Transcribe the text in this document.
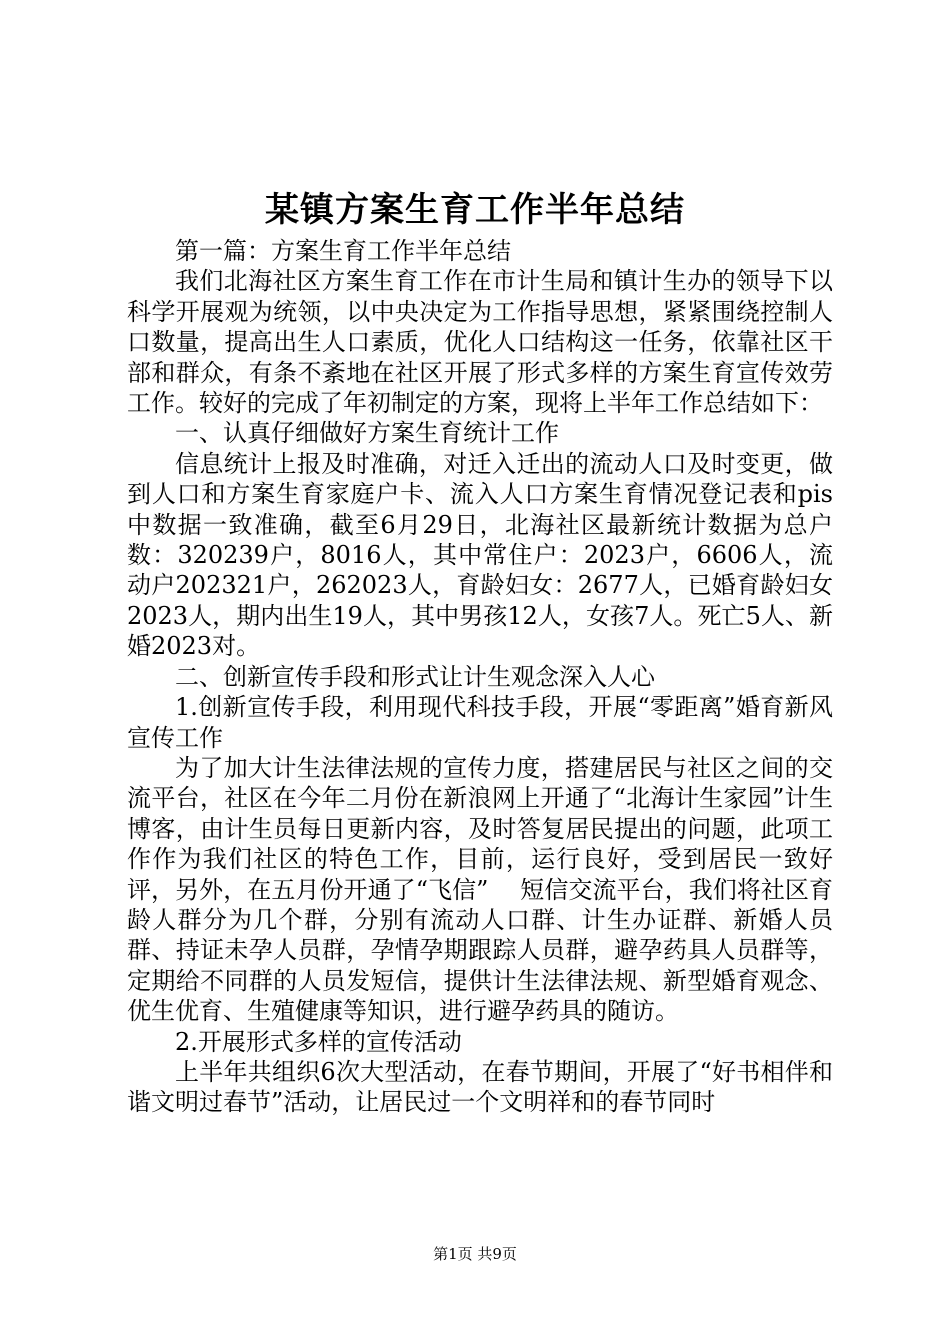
某镇方案生育工作半年总结

第一篇：方案生育工作半年总结

我们北海社区方案生育工作在市计生局和镇计生办的领导下以科学开展观为统领，以中央决定为工作指导思想，紧紧围绕控制人口数量，提高出生人口素质，优化人口结构这一任务，依靠社区干部和群众，有条不紊地在社区开展了形式多样的方案生育宣传效劳工作。较好的完成了年初制定的方案，现将上半年工作总结如下：

一、认真仔细做好方案生育统计工作

信息统计上报及时准确，对迁入迁出的流动人口及时变更，做到人口和方案生育家庭户卡、流入人口方案生育情况登记表和pis中数据一致准确，截至6月29日，北海社区最新统计数据为总户数：320239户，8016人，其中常住户：2023户，6606人，流动户202321户，262023人，育龄妇女：2677人，已婚育龄妇女2023人，期内出生19人，其中男孩12人，女孩7人。死亡5人、新婚2023对。

二、创新宣传手段和形式让计生观念深入人心

1.创新宣传手段，利用现代科技手段，开展“零距离”婚育新风宣传工作

为了加大计生法律法规的宣传力度，搭建居民与社区之间的交流平台，社区在今年二月份在新浪网上开通了“北海计生家园”计生博客，由计生员每日更新内容，及时答复居民提出的问题，此项工作作为我们社区的特色工作，目前，运行良好，受到居民一致好评，另外，在五月份开通了“飞信”　 短信交流平台，我们将社区育龄人群分为几个群，分别有流动人口群、计生办证群、新婚人员群、持证未孕人员群，孕情孕期跟踪人员群，避孕药具人员群等，定期给不同群的人员发短信，提供计生法律法规、新型婚育观念、优生优育、生殖健康等知识，进行避孕药具的随访。

2.开展形式多样的宣传活动

上半年共组织6次大型活动，在春节期间，开展了“好书相伴和谐文明过春节”活动，让居民过一个文明祥和的春节同时

第1页 共9页
